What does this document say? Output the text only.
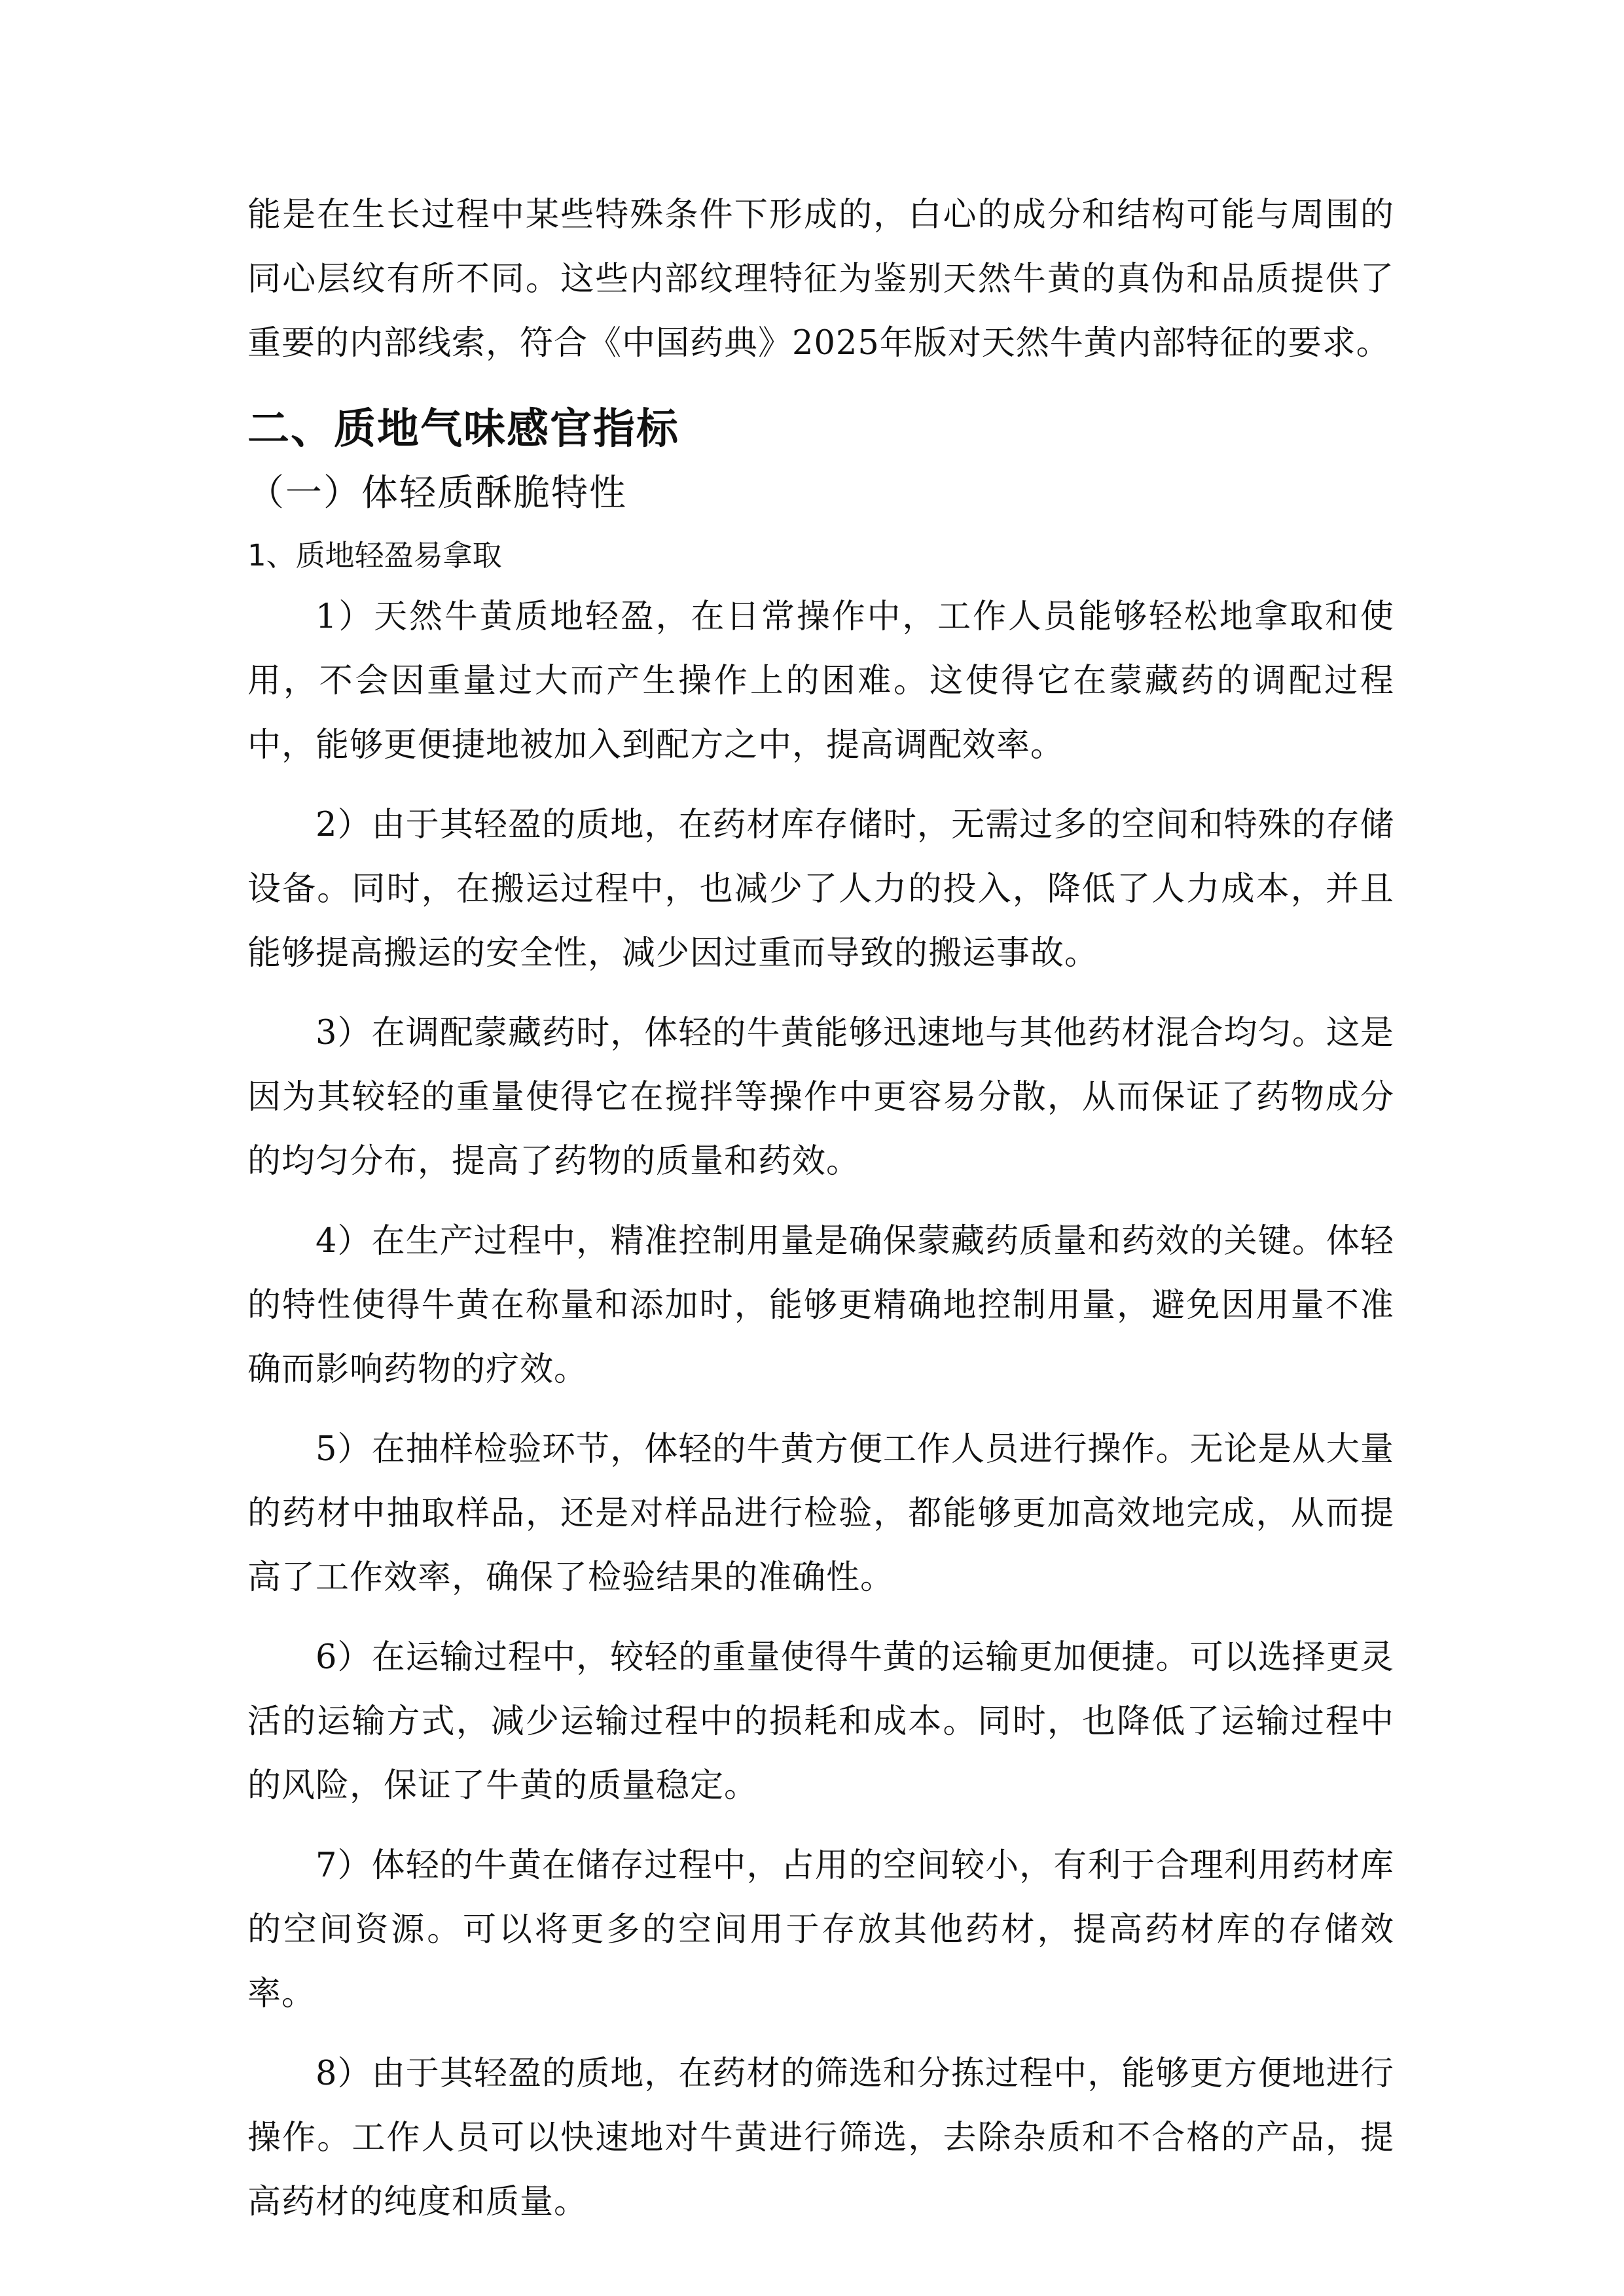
能是在生长过程中某些特殊条件下形成的，白心的成分和结构可能与周围的同心层纹有所不同。这些内部纹理特征为鉴别天然牛黄的真伪和品质提供了重要的内部线索，符合《中国药典》2025年版对天然牛黄内部特征的要求。

二、质地气味感官指标
（一）体轻质酥脆特性
1、质地轻盈易拿取

1）天然牛黄质地轻盈，在日常操作中，工作人员能够轻松地拿取和使用，不会因重量过大而产生操作上的困难。这使得它在蒙藏药的调配过程中，能够更便捷地被加入到配方之中，提高调配效率。

2）由于其轻盈的质地，在药材库存储时，无需过多的空间和特殊的存储设备。同时，在搬运过程中，也减少了人力的投入，降低了人力成本，并且能够提高搬运的安全性，减少因过重而导致的搬运事故。

3）在调配蒙藏药时，体轻的牛黄能够迅速地与其他药材混合均匀。这是因为其较轻的重量使得它在搅拌等操作中更容易分散，从而保证了药物成分的均匀分布，提高了药物的质量和药效。

4）在生产过程中，精准控制用量是确保蒙藏药质量和药效的关键。体轻的特性使得牛黄在称量和添加时，能够更精确地控制用量，避免因用量不准确而影响药物的疗效。

5）在抽样检验环节，体轻的牛黄方便工作人员进行操作。无论是从大量的药材中抽取样品，还是对样品进行检验，都能够更加高效地完成，从而提高了工作效率，确保了检验结果的准确性。

6）在运输过程中，较轻的重量使得牛黄的运输更加便捷。可以选择更灵活的运输方式，减少运输过程中的损耗和成本。同时，也降低了运输过程中的风险，保证了牛黄的质量稳定。

7）体轻的牛黄在储存过程中，占用的空间较小，有利于合理利用药材库的空间资源。可以将更多的空间用于存放其他药材，提高药材库的存储效率。

8）由于其轻盈的质地，在药材的筛选和分拣过程中，能够更方便地进行操作。工作人员可以快速地对牛黄进行筛选，去除杂质和不合格的产品，提高药材的纯度和质量。
